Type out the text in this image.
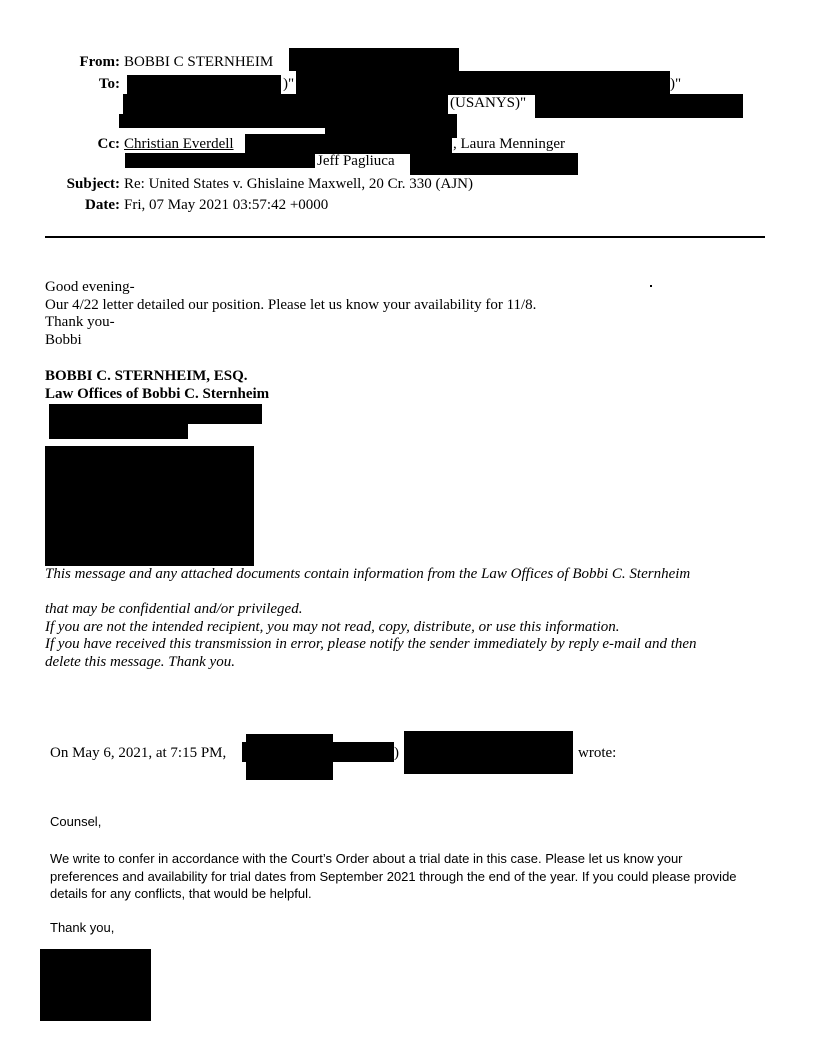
From: BOBBI C STERNHEIM
To:	)"	)"
(USANYS)"
Cc: Christian Everdell	, Laura Menninger
Jeff Pagliuca
Subject: Re: United States v. Ghislaine Maxwell, 20 Cr. 330 (AJN)
Date: Fri, 07 May 2021 03:57:42 +0000
Good evening-
Our 4/22 letter detailed our position. Please let us know your availability for 11/8.
Thank you-
Bobbi
BOBBI C. STERNHEIM, ESQ.
Law Offices of Bobbi C. Sternheim
This message and any attached documents contain information from the Law Offices of Bobbi C. Sternheim
that may be confidential and/or privileged.
If you are not the intended recipient, you may not read, copy, distribute, or use this information.
If you have received this transmission in error, please notify the sender immediately by reply e-mail and then
delete this message. Thank you.
On May 6, 2021, at 7:15 PM,	)	wrote:
Counsel,
We write to confer in accordance with the Court’s Order about a trial date in this case. Please let us know your
preferences and availability for trial dates from September 2021 through the end of the year. If you could please provide
details for any conflicts, that would be helpful.
Thank you,
